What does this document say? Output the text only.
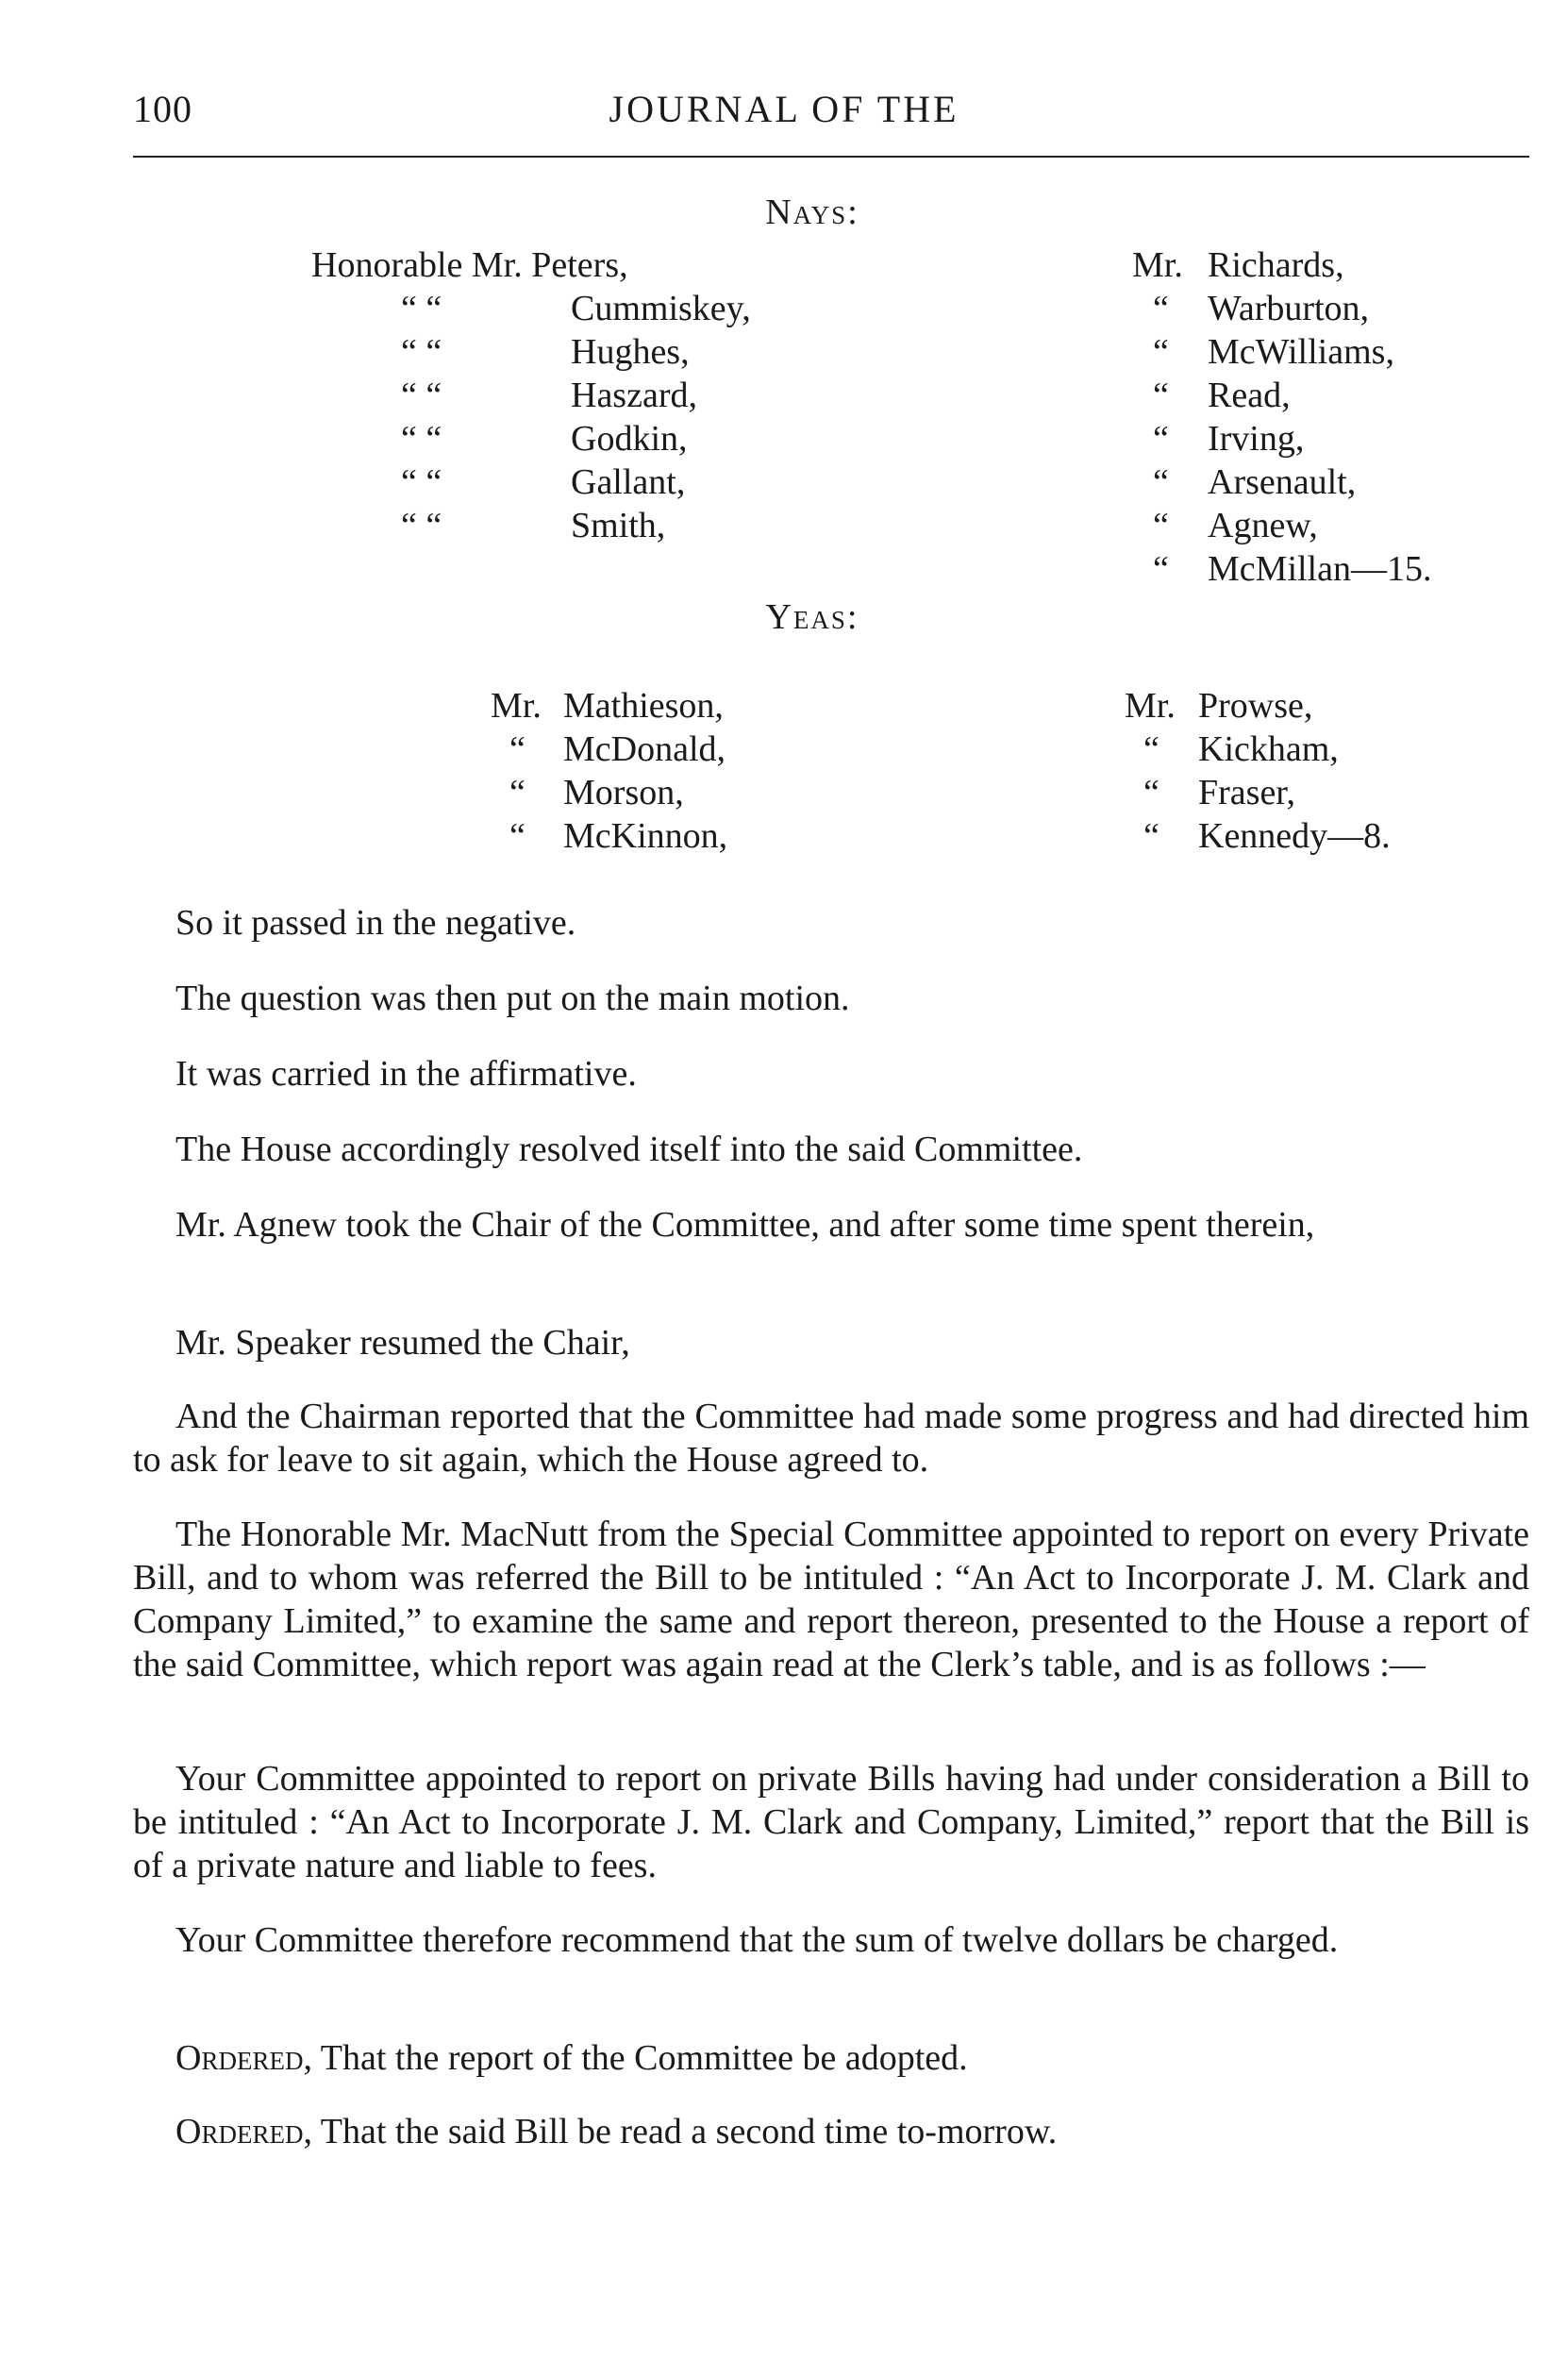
100	JOURNAL OF THE
Nays:
Honorable Mr. Peters,
“ “
“ “
“ “
“ “
“ “
“ “
Cummiskey,
Hughes,
Haszard,
Godkin,
Gallant,
Smith,
Mr.
“
“
“
“
“
“
“
Richards,
Warburton,
McWilliams,
Read,
Irving,
Arsenault,
Agnew,
McMillan—15.
Yeas:
Mr.
“
“
“
Mathieson,
McDonald,
Morson,
McKinnon,
Mr.
“
“
“
Prowse,
Kickham,
Fraser,
Kennedy—8.
So it passed in the negative.
The question was then put on the main motion.
It was carried in the affirmative.
The House accordingly resolved itself into the said Committee.
Mr. Agnew took the Chair of the Committee, and after some time spent therein,
Mr. Speaker resumed the Chair,
And the Chairman reported that the Committee had made some progress and had directed him to ask for leave to sit again, which the House agreed to.
The Honorable Mr. MacNutt from the Special Committee appointed to report on every Private Bill, and to whom was referred the Bill to be intituled : “An Act to Incorporate J. M. Clark and Company Limited,” to examine the same and report thereon, presented to the House a report of the said Committee, which report was again read at the Clerk’s table, and is as follows :—
Your Committee appointed to report on private Bills having had under consideration a Bill to be intituled : “An Act to Incorporate J. M. Clark and Company, Limited,” report that the Bill is of a private nature and liable to fees.
Your Committee therefore recommend that the sum of twelve dollars be charged.
Ordered, That the report of the Committee be adopted.
Ordered, That the said Bill be read a second time to-morrow.
